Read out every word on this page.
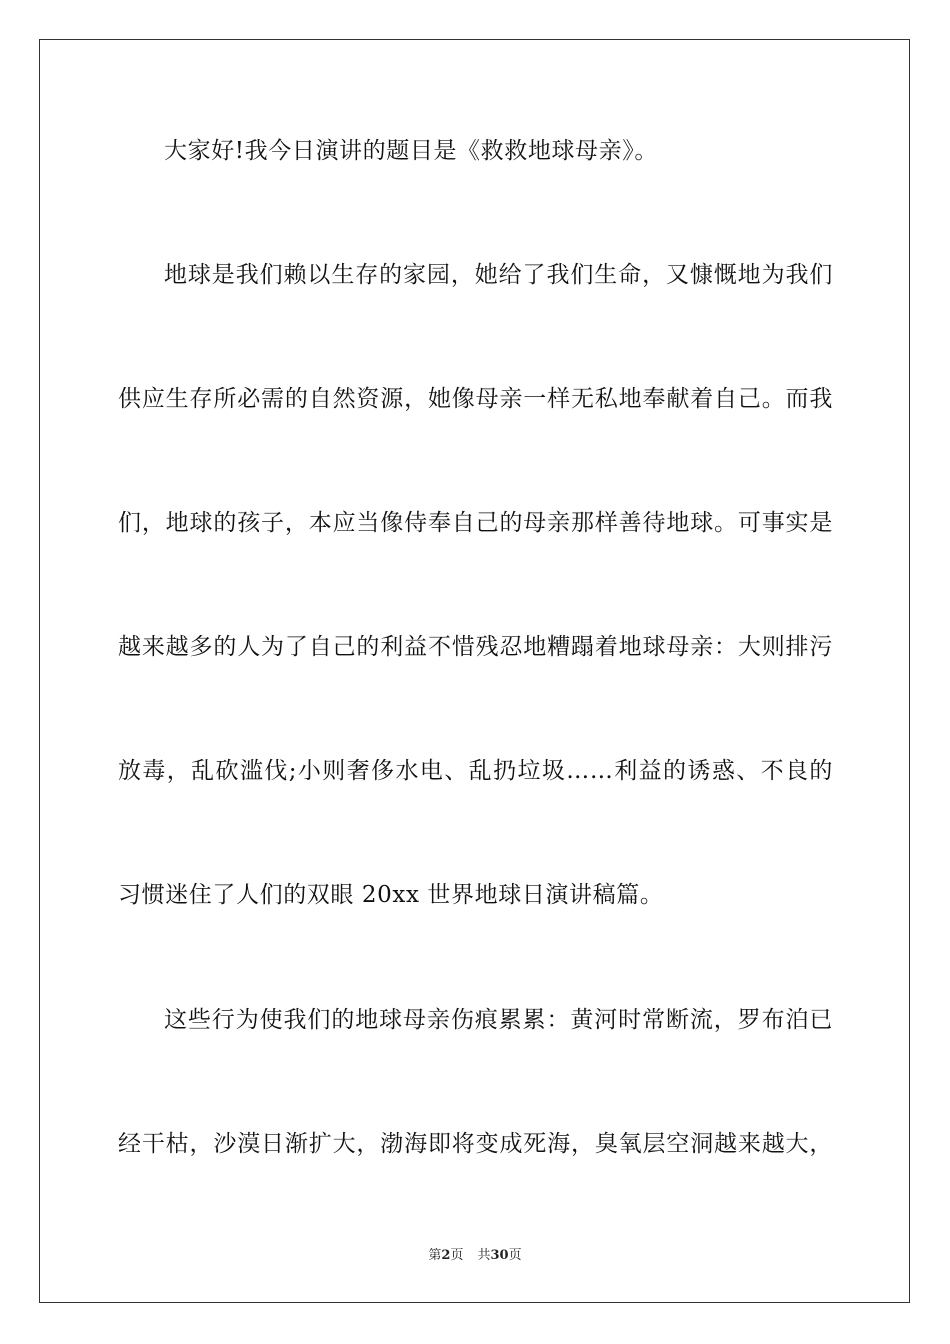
大家好!我今日演讲的题目是《救救地球母亲》。
地球是我们赖以生存的家园，她给了我们生命，又慷慨地为我们
供应生存所必需的自然资源，她像母亲一样无私地奉献着自己。而我
们，地球的孩子，本应当像侍奉自己的母亲那样善待地球。可事实是
越来越多的人为了自己的利益不惜残忍地糟蹋着地球母亲：大则排污
放毒，乱砍滥伐;小则奢侈水电、乱扔垃圾……利益的诱惑、不良的
习惯迷住了人们的双眼 20xx 世界地球日演讲稿篇。
这些行为使我们的地球母亲伤痕累累：黄河时常断流，罗布泊已
经干枯，沙漠日渐扩大，渤海即将变成死海，臭氧层空洞越来越大，
第2页 共30页
